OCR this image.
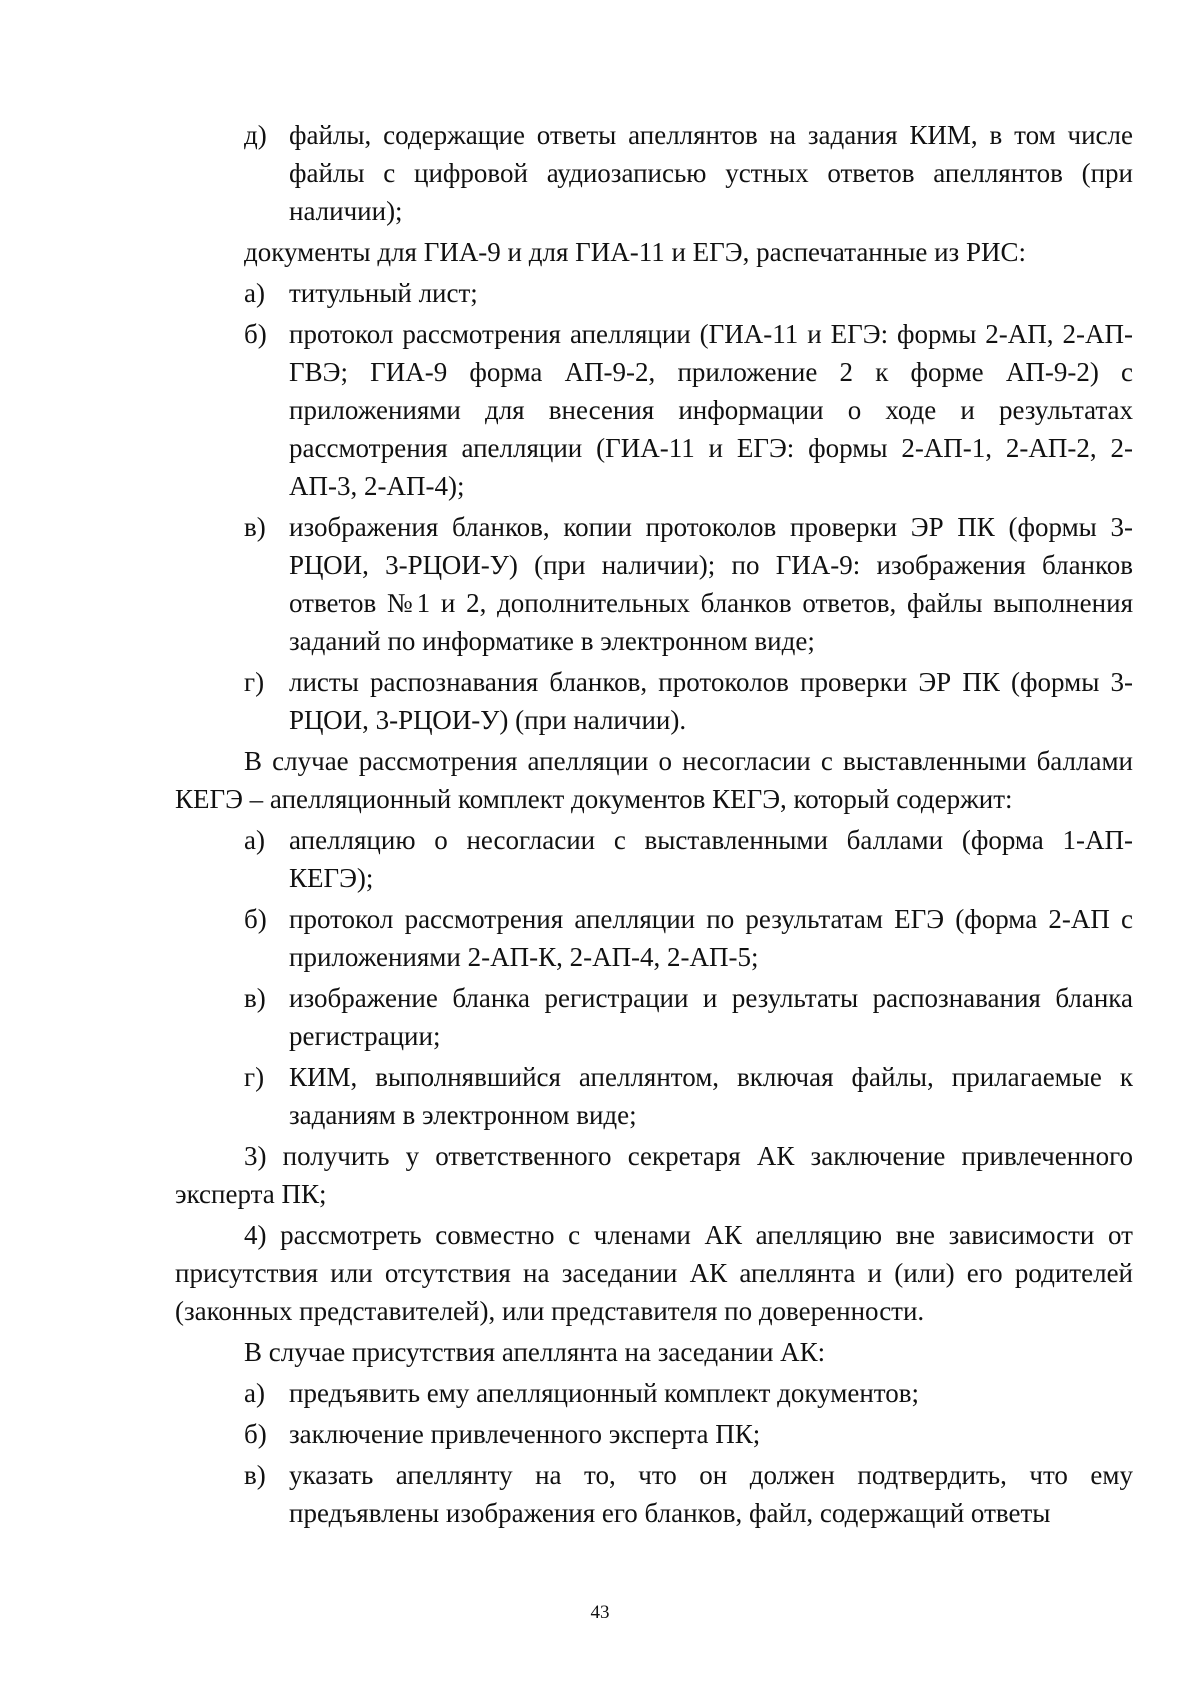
д) файлы, содержащие ответы апеллянтов на задания КИМ, в том числе файлы с цифровой аудиозаписью устных ответов апеллянтов (при наличии);
документы для ГИА-9 и для ГИА-11 и ЕГЭ, распечатанные из РИС:
а) титульный лист;
б) протокол рассмотрения апелляции (ГИА-11 и ЕГЭ: формы 2-АП, 2-АП-ГВЭ; ГИА-9 форма АП-9-2, приложение 2 к форме АП-9-2) с приложениями для внесения информации о ходе и результатах рассмотрения апелляции (ГИА-11 и ЕГЭ: формы 2-АП-1, 2-АП-2, 2-АП-3, 2-АП-4);
в) изображения бланков, копии протоколов проверки ЭР ПК (формы 3-РЦОИ, 3-РЦОИ-У) (при наличии); по ГИА-9: изображения бланков ответов №1 и 2, дополнительных бланков ответов, файлы выполнения заданий по информатике в электронном виде;
г) листы распознавания бланков, протоколов проверки ЭР ПК (формы 3-РЦОИ, 3-РЦОИ-У) (при наличии).
В случае рассмотрения апелляции о несогласии с выставленными баллами КЕГЭ – апелляционный комплект документов КЕГЭ, который содержит:
а) апелляцию о несогласии с выставленными баллами (форма 1-АП-КЕГЭ);
б) протокол рассмотрения апелляции по результатам ЕГЭ (форма 2-АП с приложениями 2-АП-К, 2-АП-4, 2-АП-5;
в) изображение бланка регистрации и результаты распознавания бланка регистрации;
г) КИМ, выполнявшийся апеллянтом, включая файлы, прилагаемые к заданиям в электронном виде;
3) получить у ответственного секретаря АК заключение привлеченного эксперта ПК;
4) рассмотреть совместно с членами АК апелляцию вне зависимости от присутствия или отсутствия на заседании АК апеллянта и (или) его родителей (законных представителей), или представителя по доверенности.
В случае присутствия апеллянта на заседании АК:
а) предъявить ему апелляционный комплект документов;
б) заключение привлеченного эксперта ПК;
в) указать апеллянту на то, что он должен подтвердить, что ему предъявлены изображения его бланков, файл, содержащий ответы
43
